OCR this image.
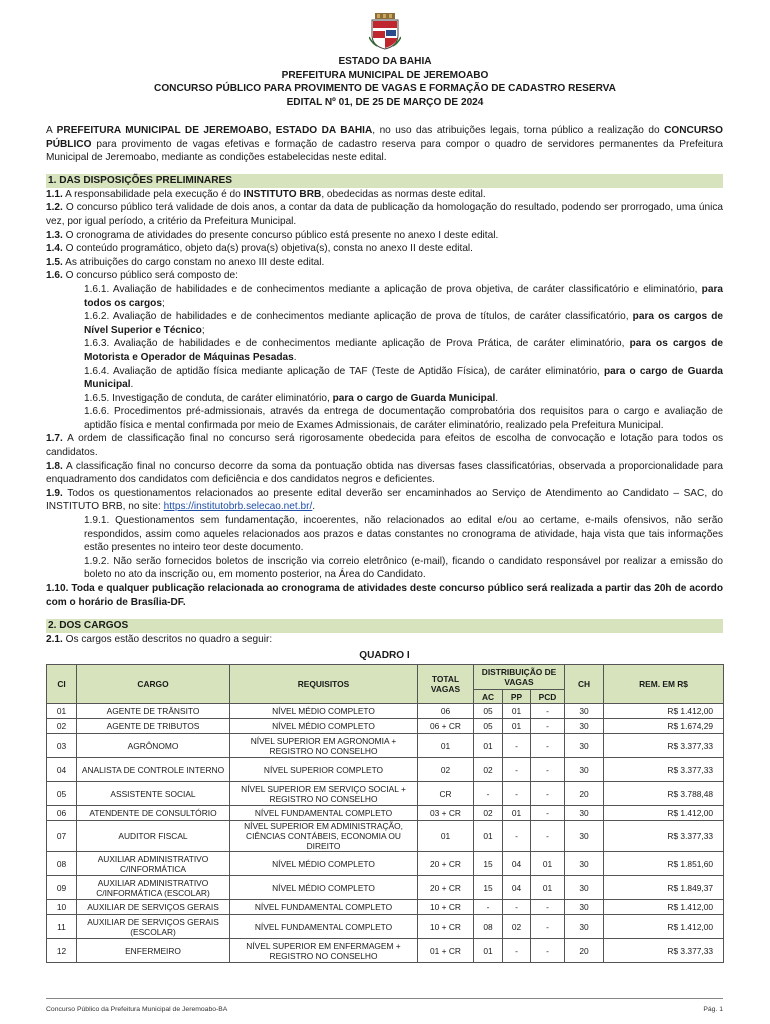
ESTADO DA BAHIA
PREFEITURA MUNICIPAL DE JEREMOABO
CONCURSO PÚBLICO PARA PROVIMENTO DE VAGAS E FORMAÇÃO DE CADASTRO RESERVA
EDITAL Nº 01, DE 25 DE MARÇO DE 2024
A PREFEITURA MUNICIPAL DE JEREMOABO, ESTADO DA BAHIA, no uso das atribuições legais, torna público a realização do CONCURSO PÚBLICO para provimento de vagas efetivas e formação de cadastro reserva para compor o quadro de servidores permanentes da Prefeitura Municipal de Jeremoabo, mediante as condições estabelecidas neste edital.
1. DAS DISPOSIÇÕES PRELIMINARES
1.1. A responsabilidade pela execução é do INSTITUTO BRB, obedecidas as normas deste edital.
1.2. O concurso público terá validade de dois anos, a contar da data de publicação da homologação do resultado, podendo ser prorrogado, uma única vez, por igual período, a critério da Prefeitura Municipal.
1.3. O cronograma de atividades do presente concurso público está presente no anexo I deste edital.
1.4. O conteúdo programático, objeto da(s) prova(s) objetiva(s), consta no anexo II deste edital.
1.5. As atribuições do cargo constam no anexo III deste edital.
1.6. O concurso público será composto de:
1.6.1. Avaliação de habilidades e de conhecimentos mediante a aplicação de prova objetiva, de caráter classificatório e eliminatório, para todos os cargos;
1.6.2. Avaliação de habilidades e de conhecimentos mediante aplicação de prova de títulos, de caráter classificatório, para os cargos de Nível Superior e Técnico;
1.6.3. Avaliação de habilidades e de conhecimentos mediante aplicação de Prova Prática, de caráter eliminatório, para os cargos de Motorista e Operador de Máquinas Pesadas.
1.6.4. Avaliação de aptidão física mediante aplicação de TAF (Teste de Aptidão Física), de caráter eliminatório, para o cargo de Guarda Municipal.
1.6.5. Investigação de conduta, de caráter eliminatório, para o cargo de Guarda Municipal.
1.6.6. Procedimentos pré-admissionais, através da entrega de documentação comprobatória dos requisitos para o cargo e avaliação de aptidão física e mental confirmada por meio de Exames Admissionais, de caráter eliminatório, realizado pela Prefeitura Municipal.
1.7. A ordem de classificação final no concurso será rigorosamente obedecida para efeitos de escolha de convocação e lotação para todos os candidatos.
1.8. A classificação final no concurso decorre da soma da pontuação obtida nas diversas fases classificatórias, observada a proporcionalidade para enquadramento dos candidatos com deficiência e dos candidatos negros e deficientes.
1.9. Todos os questionamentos relacionados ao presente edital deverão ser encaminhados ao Serviço de Atendimento ao Candidato – SAC, do INSTITUTO BRB, no site: https://institutobrb.selecao.net.br/.
1.9.1. Questionamentos sem fundamentação, incoerentes, não relacionados ao edital e/ou ao certame, e-mails ofensivos, não serão respondidos, assim como aqueles relacionados aos prazos e datas constantes no cronograma de atividade, haja vista que tais informações estão presentes no inteiro teor deste documento.
1.9.2. Não serão fornecidos boletos de inscrição via correio eletrônico (e-mail), ficando o candidato responsável por realizar a emissão do boleto no ato da inscrição ou, em momento posterior, na Área do Candidato.
1.10. Toda e qualquer publicação relacionada ao cronograma de atividades deste concurso público será realizada a partir das 20h de acordo com o horário de Brasília-DF.
2. DOS CARGOS
2.1. Os cargos estão descritos no quadro a seguir:
QUADRO I
CI	CARGO	REQUISITOS	TOTAL VAGAS	DISTRIBUIÇÃO DE VAGAS			CH	REM. EM R$
				AC	PP	PCD		
01	AGENTE DE TRÂNSITO	NÍVEL MÉDIO COMPLETO	06	05	01	-	30	R$ 1.412,00
02	AGENTE DE TRIBUTOS	NÍVEL MÉDIO COMPLETO	06 + CR	05	01	-	30	R$ 1.674,29
03	AGRÔNOMO	NÍVEL SUPERIOR EM AGRONOMIA + REGISTRO NO CONSELHO	01	01	-	-	30	R$ 3.377,33
04	ANALISTA DE CONTROLE INTERNO	NÍVEL SUPERIOR COMPLETO	02	02	-	-	30	R$ 3.377,33
05	ASSISTENTE SOCIAL	NÍVEL SUPERIOR EM SERVIÇO SOCIAL + REGISTRO NO CONSELHO	CR	-	-	-	20	R$ 3.788,48
06	ATENDENTE DE CONSULTÓRIO	NÍVEL FUNDAMENTAL COMPLETO	03 + CR	02	01	-	30	R$ 1.412,00
07	AUDITOR FISCAL	NÍVEL SUPERIOR EM ADMINISTRAÇÃO, CIÊNCIAS CONTÁBEIS, ECONOMIA OU DIREITO	01	01	-	-	30	R$ 3.377,33
08	AUXILIAR ADMINISTRATIVO C/INFORMÁTICA	NÍVEL MÉDIO COMPLETO	20 + CR	15	04	01	30	R$ 1.851,60
09	AUXILIAR ADMINISTRATIVO C/INFORMÁTICA (ESCOLAR)	NÍVEL MÉDIO COMPLETO	20 + CR	15	04	01	30	R$ 1.849,37
10	AUXILIAR DE SERVIÇOS GERAIS	NÍVEL FUNDAMENTAL COMPLETO	10 + CR	-	-	-	30	R$ 1.412,00
11	AUXILIAR DE SERVIÇOS GERAIS (ESCOLAR)	NÍVEL FUNDAMENTAL COMPLETO	10 + CR	08	02	-	30	R$ 1.412,00
12	ENFERMEIRO	NÍVEL SUPERIOR EM ENFERMAGEM + REGISTRO NO CONSELHO	01 + CR	01	-	-	20	R$ 3.377,33
Concurso Público da Prefeitura Municipal de Jeremoabo-BA	Pág. 1
